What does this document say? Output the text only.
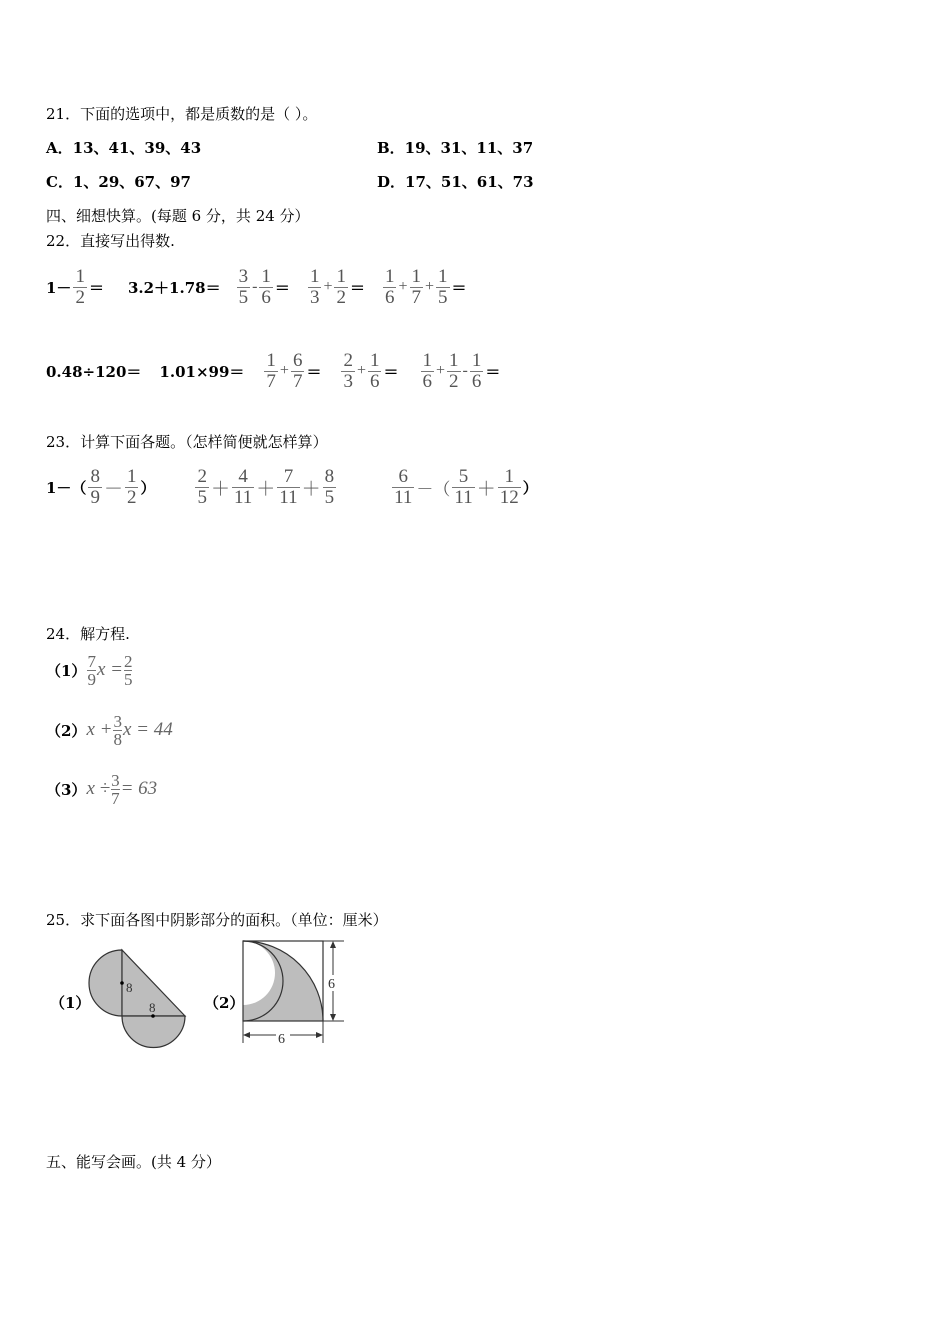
21．下面的选项中，都是质数的是（ ）。
A．13、41、39、43	B．19、31、11、37
C．1、29、67、97	D．17、51、61、73
四、细想快算。(每题 6 分，共 24 分）
22．直接写出得数.
$1- \frac{1}{2} = 3.2+1.78= \frac{3}{5} - \frac{1}{6} = \frac{1}{3} + \frac{1}{2} = \frac{1}{6} + \frac{1}{7} + \frac{1}{5}$ ＝
$0.48\div 120= 1.01\times 99= \frac{1}{7} + \frac{6}{7} = \frac{2}{3} + \frac{1}{6} = \frac{1}{6} + \frac{1}{2} - \frac{1}{6}$ ＝
23．计算下面各题。（怎样简便就怎样算）
$1-( \frac{8}{9} - \frac{1}{2}$ ） $\frac{2}{5} + \frac{4}{11} + \frac{7}{11} + \frac{8}{5}$	$\frac{6}{11}$ －（ $\frac{5}{11} + \frac{1}{12}$ ）
24．解方程.
$(1) \frac{7}{9}$ $x = \frac{2}{5}$
（2） $x + \frac{3}{8}$ x = 44
（3） $x \div \frac{3}{7} = 63$
25．求下面各图中阴影部分的面积。（单位：厘米）
（1）
8
8	（2）
6
6
五、能写会画。(共 4 分）
